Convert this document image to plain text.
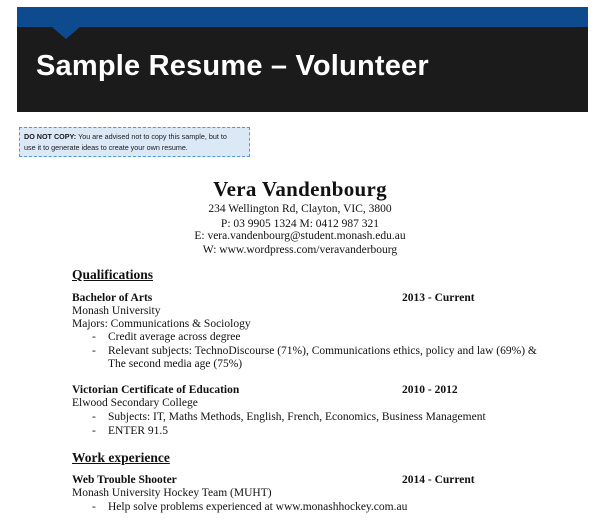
Sample Resume – Volunteer
DO NOT COPY: You are advised not to copy this sample, but to
use it to generate ideas to create your own resume.
Vera Vandenbourg
234 Wellington Rd, Clayton, VIC, 3800
P: 03 9905 1324 M: 0412 987 321
E: vera.vandenbourg@student.monash.edu.au
W: www.wordpress.com/veravanderbourg
Qualifications
Bachelor of Arts	2013 - Current
Monash University
Majors: Communications & Sociology
- Credit average across degree
- Relevant subjects: TechnoDiscourse (71%), Communications ethics, policy and law (69%) &
The second media age (75%)
Victorian Certificate of Education	2010 - 2012
Elwood Secondary College
- Subjects: IT, Maths Methods, English, French, Economics, Business Management
- ENTER 91.5
Work experience
Web Trouble Shooter	2014 - Current
Monash University Hockey Team (MUHT)
- Help solve problems experienced at www.monashhockey.com.au
